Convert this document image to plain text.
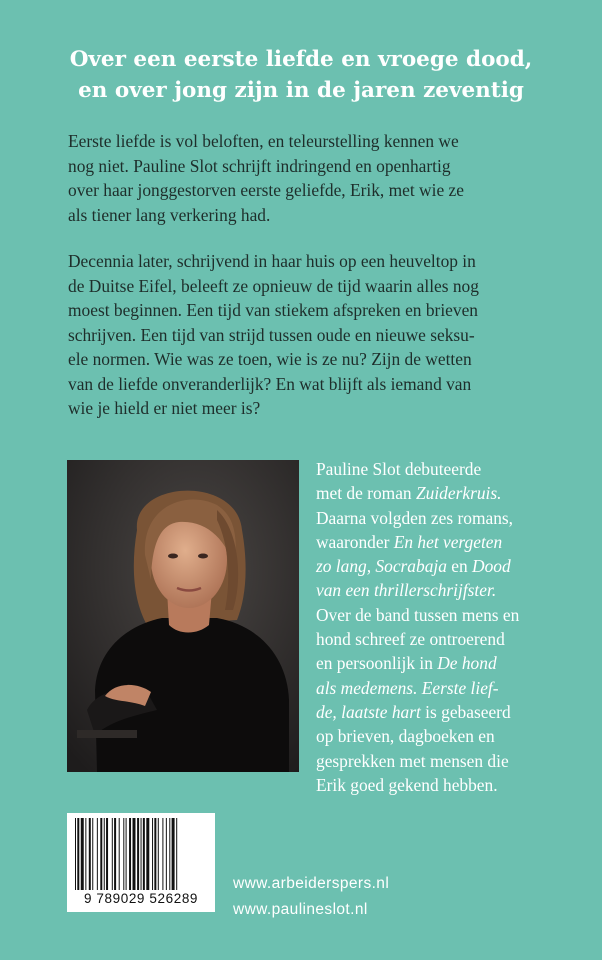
Over een eerste liefde en vroege dood,
en over jong zijn in de jaren zeventig
Eerste liefde is vol beloften, en teleurstelling kennen we
nog niet. Pauline Slot schrijft indringend en openhartig
over haar jonggestorven eerste geliefde, Erik, met wie ze
als tiener lang verkering had.
Decennia later, schrijvend in haar huis op een heuveltop in
de Duitse Eifel, beleeft ze opnieuw de tijd waarin alles nog
moest beginnen. Een tijd van stiekem afspreken en brieven
schrijven. Een tijd van strijd tussen oude en nieuwe seksu-
ele normen. Wie was ze toen, wie is ze nu? Zijn de wetten
van de liefde onveranderlijk? En wat blijft als iemand van
wie je hield er niet meer is?
Pauline Slot debuteerde
met de roman Zuiderkruis.
Daarna volgden zes romans,
waaronder En het vergeten
zo lang, Socrabaja en Dood
van een thrillerschrijfster.
Over de band tussen mens en
hond schreef ze ontroerend
en persoonlijk in De hond
als medemens. Eerste lief-
de, laatste hart is gebaseerd
op brieven, dagboeken en
gesprekken met mensen die
Erik goed gekend hebben.
9 789029 526289
www.arbeiderspers.nl
www.paulineslot.nl
